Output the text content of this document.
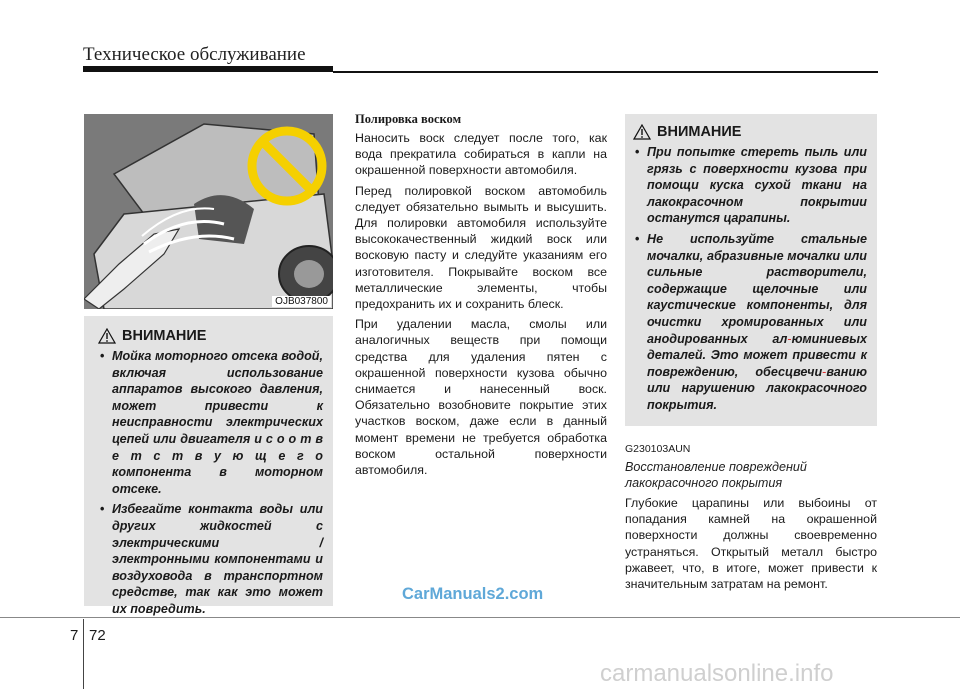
Техническое обслуживание
OJB037800
ВНИМАНИЕ
• Мойка моторного отсека водой, включая использование аппаратов высокого давления, может привести к неисправности электрических цепей или двигателя и с о о т в е т с т в у ю щ е г о компонента в моторном отсеке.
• Избегайте контакта воды или других жидкостей с электрическими / электронными компонентами и воздуховода в транспортном средстве, так как это может их повредить.
Полировка воском

Наносить воск следует после того, как вода прекратила собираться в капли на окрашенной поверхности автомобиля.

Перед полировкой воском автомобиль следует обязательно вымыть и высушить. Для полировки автомобиля используйте высококачественный жидкий воск или восковую пасту и следуйте указаниям его изготовителя. Покрывайте воском все металлические элементы, чтобы предохранить их и сохранить блеск.

При удалении масла, смолы или аналогичных веществ при помощи средства для удаления пятен с окрашенной поверхности кузова обычно снимается и нанесенный воск. Обязательно возобновите покрытие этих участков воском, даже если в данный момент времени не требуется обработка воском остальной поверхности автомобиля.

ВНИМАНИЕ
• При попытке стереть пыль или грязь с поверхности кузова при помощи куска сухой ткани на лакокрасочном покрытии останутся царапины.
• Не используйте стальные мочалки, абразивные мочалки или сильные растворители, содержащие щелочные или каустические компоненты, для очистки хромированных или анодированных ал-юминиевых деталей. Это может привести к повреждению, обесцвечи-ванию или нарушению лакокрасочного покрытия.
G230103AUN
Восстановление повреждений лакокрасочного покрытия

Глубокие царапины или выбоины от попадания камней на окрашенной поверхности должны своевременно устраняться. Открытый металл быстро ржавеет, что, в итоге, может привести к значительным затратам на ремонт.

CarManuals2.com
7 72
carmanualsonline.info
